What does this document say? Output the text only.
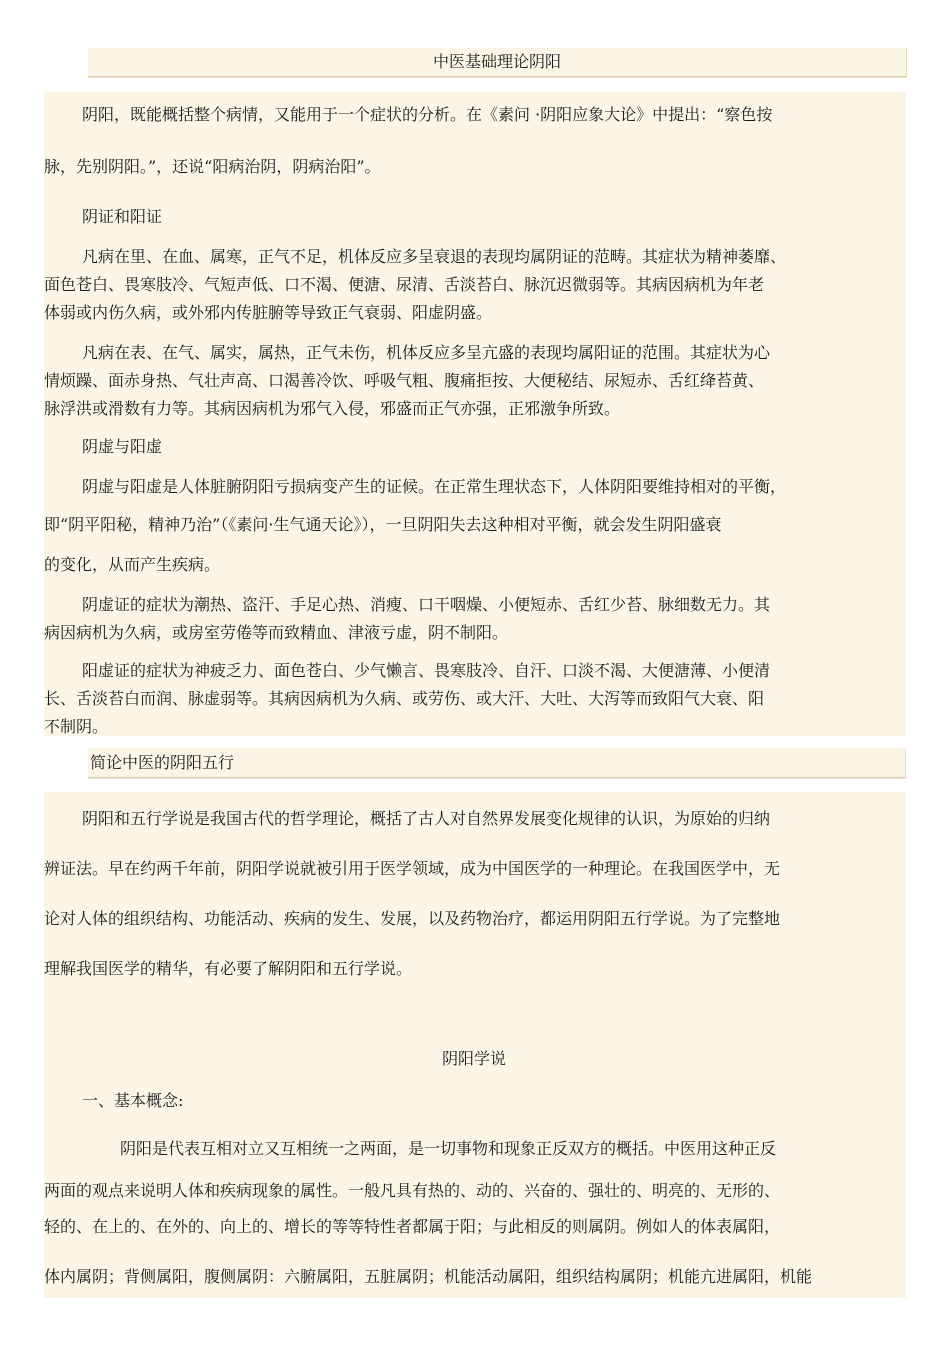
中医基础理论阴阳
阴阳，既能概括整个病情，又能用于一个症状的分析。在《素问 ·阴阳应象大论》中提出：“察色按
脉，先别阴阳。”，还说“阳病治阴，阴病治阳”。
阴证和阳证
凡病在里、在血、属寒，正气不足，机体反应多呈衰退的表现均属阴证的范畴。其症状为精神萎靡、
面色苍白、畏寒肢冷、气短声低、口不渴、便溏、尿清、舌淡苔白、脉沉迟微弱等。其病因病机为年老
体弱或内伤久病，或外邪内传脏腑等导致正气衰弱、阳虚阴盛。
凡病在表、在气、属实，属热，正气未伤，机体反应多呈亢盛的表现均属阳证的范围。其症状为心
情烦躁、面赤身热、气壮声高、口渴善冷饮、呼吸气粗、腹痛拒按、大便秘结、尿短赤、舌红绛苔黄、
脉浮洪或滑数有力等。其病因病机为邪气入侵，邪盛而正气亦强，正邪激争所致。
阴虚与阳虚
阴虚与阳虚是人体脏腑阴阳亏损病变产生的证候。在正常生理状态下，人体阴阳要维持相对的平衡，
即“阴平阳秘，精神乃治”（《素问·生气通天论》），一旦阴阳失去这种相对平衡，就会发生阴阳盛衰
的变化，从而产生疾病。
阴虚证的症状为潮热、盗汗、手足心热、消瘦、口干咽燥、小便短赤、舌红少苔、脉细数无力。其
病因病机为久病，或房室劳倦等而致精血、津液亏虚，阴不制阳。
阳虚证的症状为神疲乏力、面色苍白、少气懒言、畏寒肢冷、自汗、口淡不渴、大便溏薄、小便清
长、舌淡苔白而润、脉虚弱等。其病因病机为久病、或劳伤、或大汗、大吐、大泻等而致阳气大衰、阳
不制阴。
简论中医的阴阳五行
阴阳和五行学说是我国古代的哲学理论，概括了古人对自然界发展变化规律的认识，为原始的归纳
辨证法。早在约两千年前，阴阳学说就被引用于医学领域，成为中国医学的一种理论。在我国医学中，无
论对人体的组织结构、功能活动、疾病的发生、发展，以及药物治疗，都运用阴阳五行学说。为了完整地
理解我国医学的精华，有必要了解阴阳和五行学说。
阴阳学说
一、基本概念:
阴阳是代表互相对立又互相统一之两面，是一切事物和现象正反双方的概括。中医用这种正反
两面的观点来说明人体和疾病现象的属性。一般凡具有热的、动的、兴奋的、强壮的、明亮的、无形的、
轻的、在上的、在外的、向上的、增长的等等特性者都属于阳；与此相反的则属阴。例如人的体表属阳，
体内属阴；背侧属阳，腹侧属阴：六腑属阳，五脏属阴；机能活动属阳，组织结构属阴；机能亢进属阳，机能
